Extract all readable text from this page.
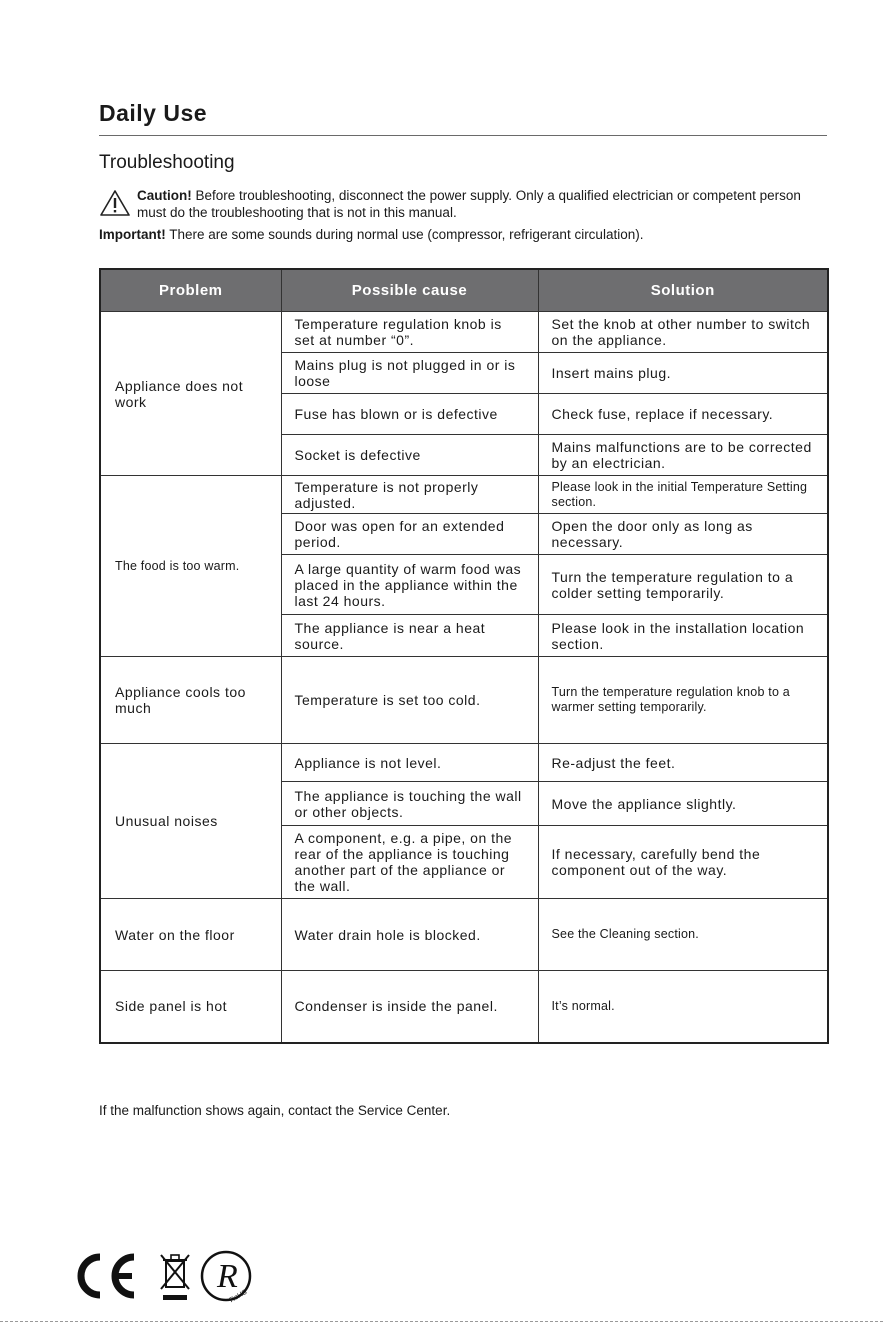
Daily Use
Troubleshooting
Caution! Before troubleshooting, disconnect the power supply. Only a qualified electrician or competent person must do the troubleshooting that is not in this manual.
Important! There are some sounds during normal use (compressor, refrigerant circulation).
Problem	Possible cause	Solution
Appliance does not work	Temperature regulation knob is set at number “0”.	Set the knob at other number to switch on the appliance.
	Mains plug is not plugged in or is loose	Insert mains plug.
	Fuse has blown or is defective	Check fuse, replace if necessary.
	Socket is defective	Mains malfunctions are to be corrected by an electrician.
The food is too warm.	Temperature is not properly adjusted.	Please look in the initial Temperature Setting section.
	Door was open for an extended period.	Open the door only as long as necessary.
	A large quantity of warm food was placed in the appliance within the last 24 hours.	Turn the temperature regulation to a colder setting temporarily.
	The appliance is near a heat source.	Please look in the installation location section.
Appliance cools too much	Temperature is set too cold.	Turn the temperature regulation knob to a warmer setting temporarily.
Unusual noises	Appliance is not level.	Re-adjust the feet.
	The appliance is touching the wall or other objects.	Move the appliance slightly.
	A component, e.g. a pipe, on the rear of the appliance is touching another part of the appliance or the wall.	If necessary, carefully bend the component out of the way.
Water on the floor	Water drain hole is blocked.	See the Cleaning section.
Side panel is hot	Condenser is inside the panel.	It’s normal.
If the malfunction shows again, contact the Service Center.
R
RoHS
